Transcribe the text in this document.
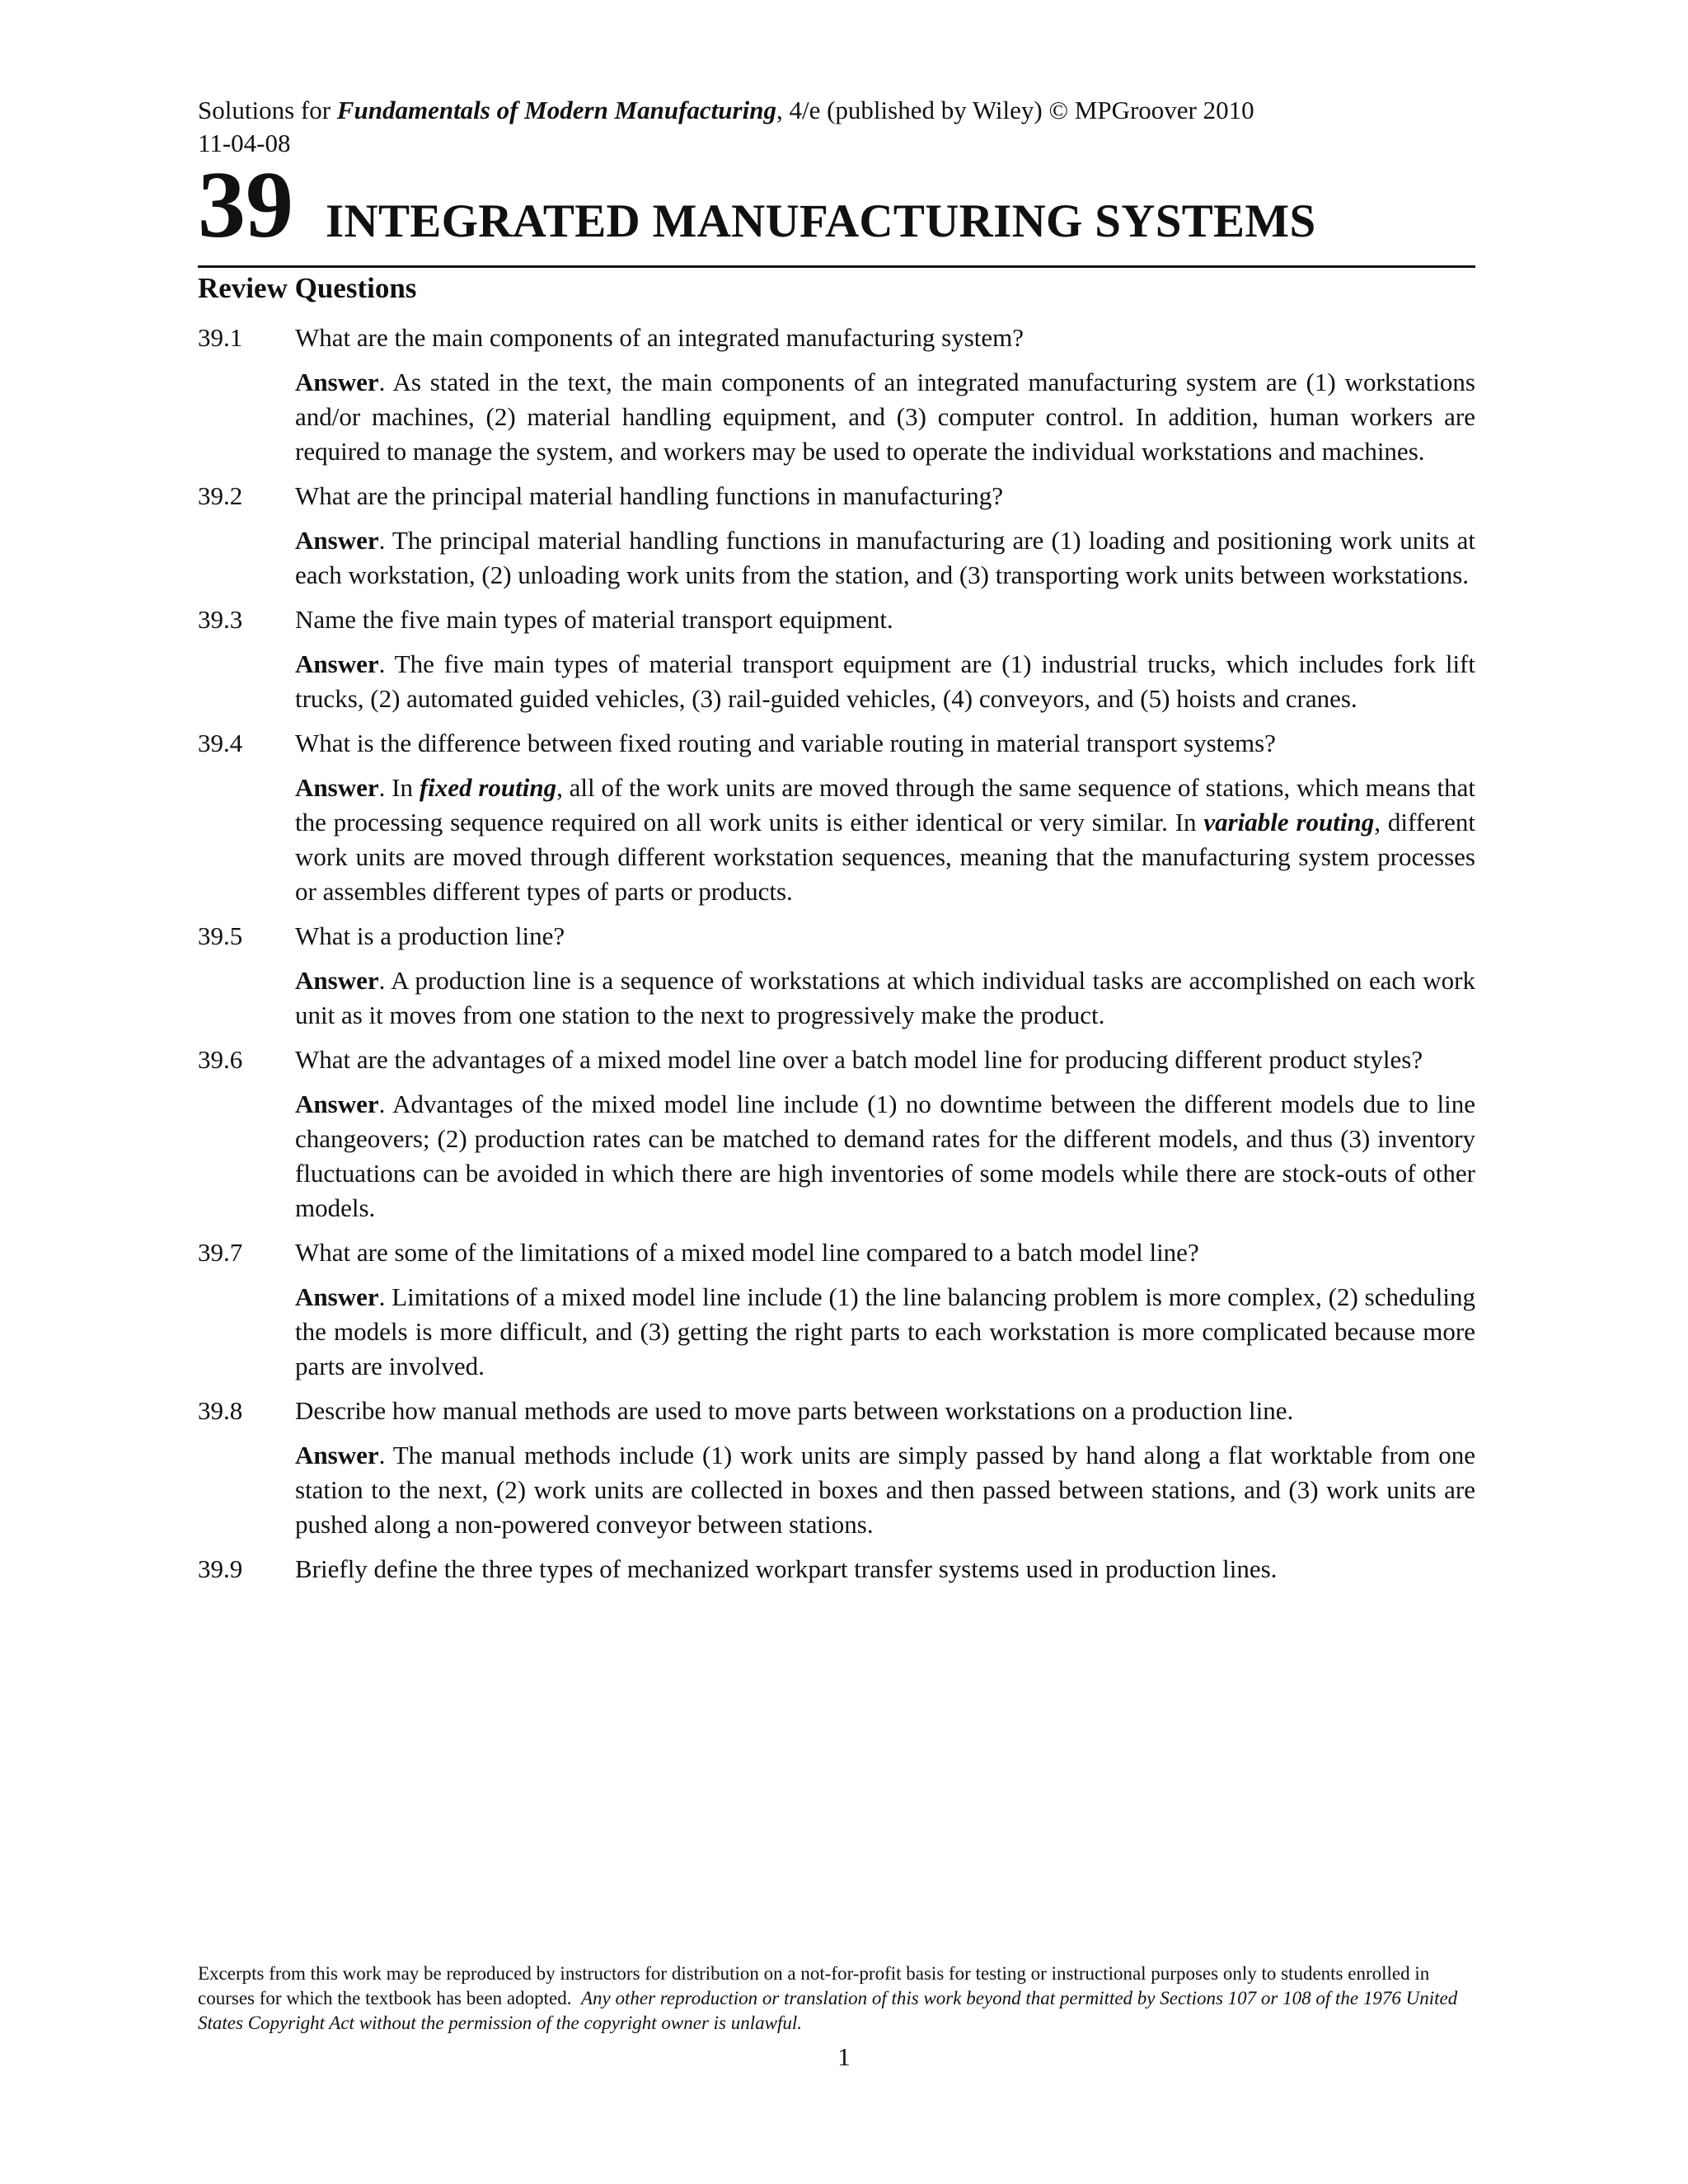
Solutions for Fundamentals of Modern Manufacturing, 4/e (published by Wiley) © MPGroover 2010
11-04-08
39 INTEGRATED MANUFACTURING SYSTEMS
Review Questions
39.1	What are the main components of an integrated manufacturing system?
Answer. As stated in the text, the main components of an integrated manufacturing system are (1) workstations and/or machines, (2) material handling equipment, and (3) computer control. In addition, human workers are required to manage the system, and workers may be used to operate the individual workstations and machines.
39.2	What are the principal material handling functions in manufacturing?
Answer. The principal material handling functions in manufacturing are (1) loading and positioning work units at each workstation, (2) unloading work units from the station, and (3) transporting work units between workstations.
39.3	Name the five main types of material transport equipment.
Answer. The five main types of material transport equipment are (1) industrial trucks, which includes fork lift trucks, (2) automated guided vehicles, (3) rail-guided vehicles, (4) conveyors, and (5) hoists and cranes.
39.4	What is the difference between fixed routing and variable routing in material transport systems?
Answer. In fixed routing, all of the work units are moved through the same sequence of stations, which means that the processing sequence required on all work units is either identical or very similar. In variable routing, different work units are moved through different workstation sequences, meaning that the manufacturing system processes or assembles different types of parts or products.
39.5	What is a production line?
Answer. A production line is a sequence of workstations at which individual tasks are accomplished on each work unit as it moves from one station to the next to progressively make the product.
39.6	What are the advantages of a mixed model line over a batch model line for producing different product styles?
Answer. Advantages of the mixed model line include (1) no downtime between the different models due to line changeovers; (2) production rates can be matched to demand rates for the different models, and thus (3) inventory fluctuations can be avoided in which there are high inventories of some models while there are stock-outs of other models.
39.7	What are some of the limitations of a mixed model line compared to a batch model line?
Answer. Limitations of a mixed model line include (1) the line balancing problem is more complex, (2) scheduling the models is more difficult, and (3) getting the right parts to each workstation is more complicated because more parts are involved.
39.8	Describe how manual methods are used to move parts between workstations on a production line.
Answer. The manual methods include (1) work units are simply passed by hand along a flat worktable from one station to the next, (2) work units are collected in boxes and then passed between stations, and (3) work units are pushed along a non-powered conveyor between stations.
39.9	Briefly define the three types of mechanized workpart transfer systems used in production lines.
Excerpts from this work may be reproduced by instructors for distribution on a not-for-profit basis for testing or instructional purposes only to students enrolled in courses for which the textbook has been adopted. Any other reproduction or translation of this work beyond that permitted by Sections 107 or 108 of the 1976 United States Copyright Act without the permission of the copyright owner is unlawful.
1
